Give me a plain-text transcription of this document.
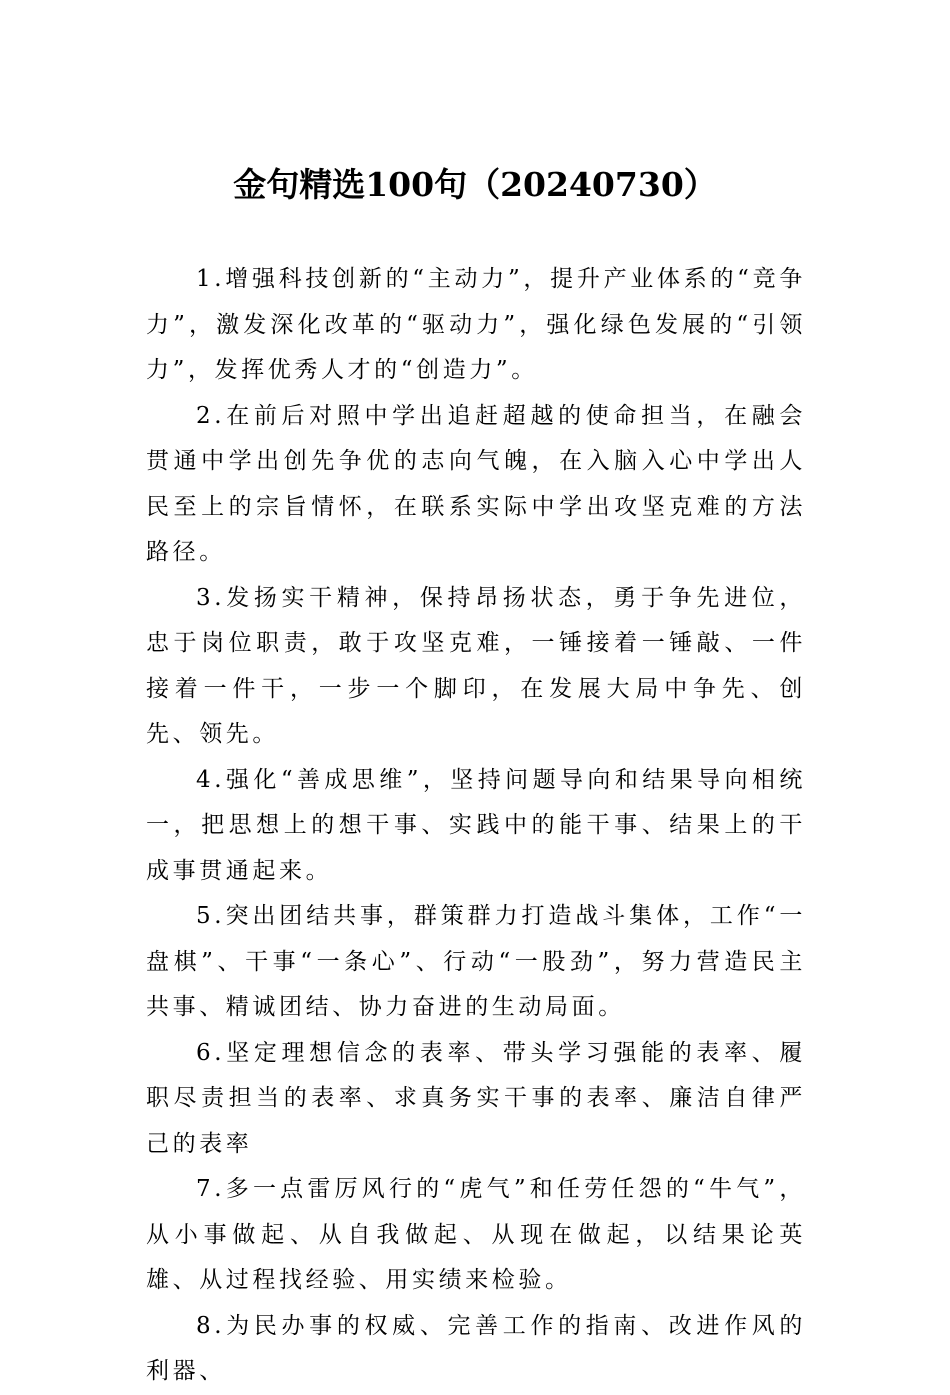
金句精选100句（20240730）

1.增强科技创新的“主动力”，提升产业体系的“竞争力”，激发深化改革的“驱动力”，强化绿色发展的“引领力”，发挥优秀人才的“创造力”。

2.在前后对照中学出追赶超越的使命担当，在融会贯通中学出创先争优的志向气魄，在入脑入心中学出人民至上的宗旨情怀，在联系实际中学出攻坚克难的方法路径。

3.发扬实干精神，保持昂扬状态，勇于争先进位，忠于岗位职责，敢于攻坚克难，一锤接着一锤敲、一件接着一件干，一步一个脚印，在发展大局中争先、创先、领先。

4.强化“善成思维”，坚持问题导向和结果导向相统一，把思想上的想干事、实践中的能干事、结果上的干成事贯通起来。

5.突出团结共事，群策群力打造战斗集体，工作“一盘棋”、干事“一条心”、行动“一股劲”，努力营造民主共事、精诚团结、协力奋进的生动局面。

6.坚定理想信念的表率、带头学习强能的表率、履职尽责担当的表率、求真务实干事的表率、廉洁自律严己的表率

7.多一点雷厉风行的“虎气”和任劳任怨的“牛气”，从小事做起、从自我做起、从现在做起，以结果论英雄、从过程找经验、用实绩来检验。

8.为民办事的权威、完善工作的指南、改进作风的利器、
